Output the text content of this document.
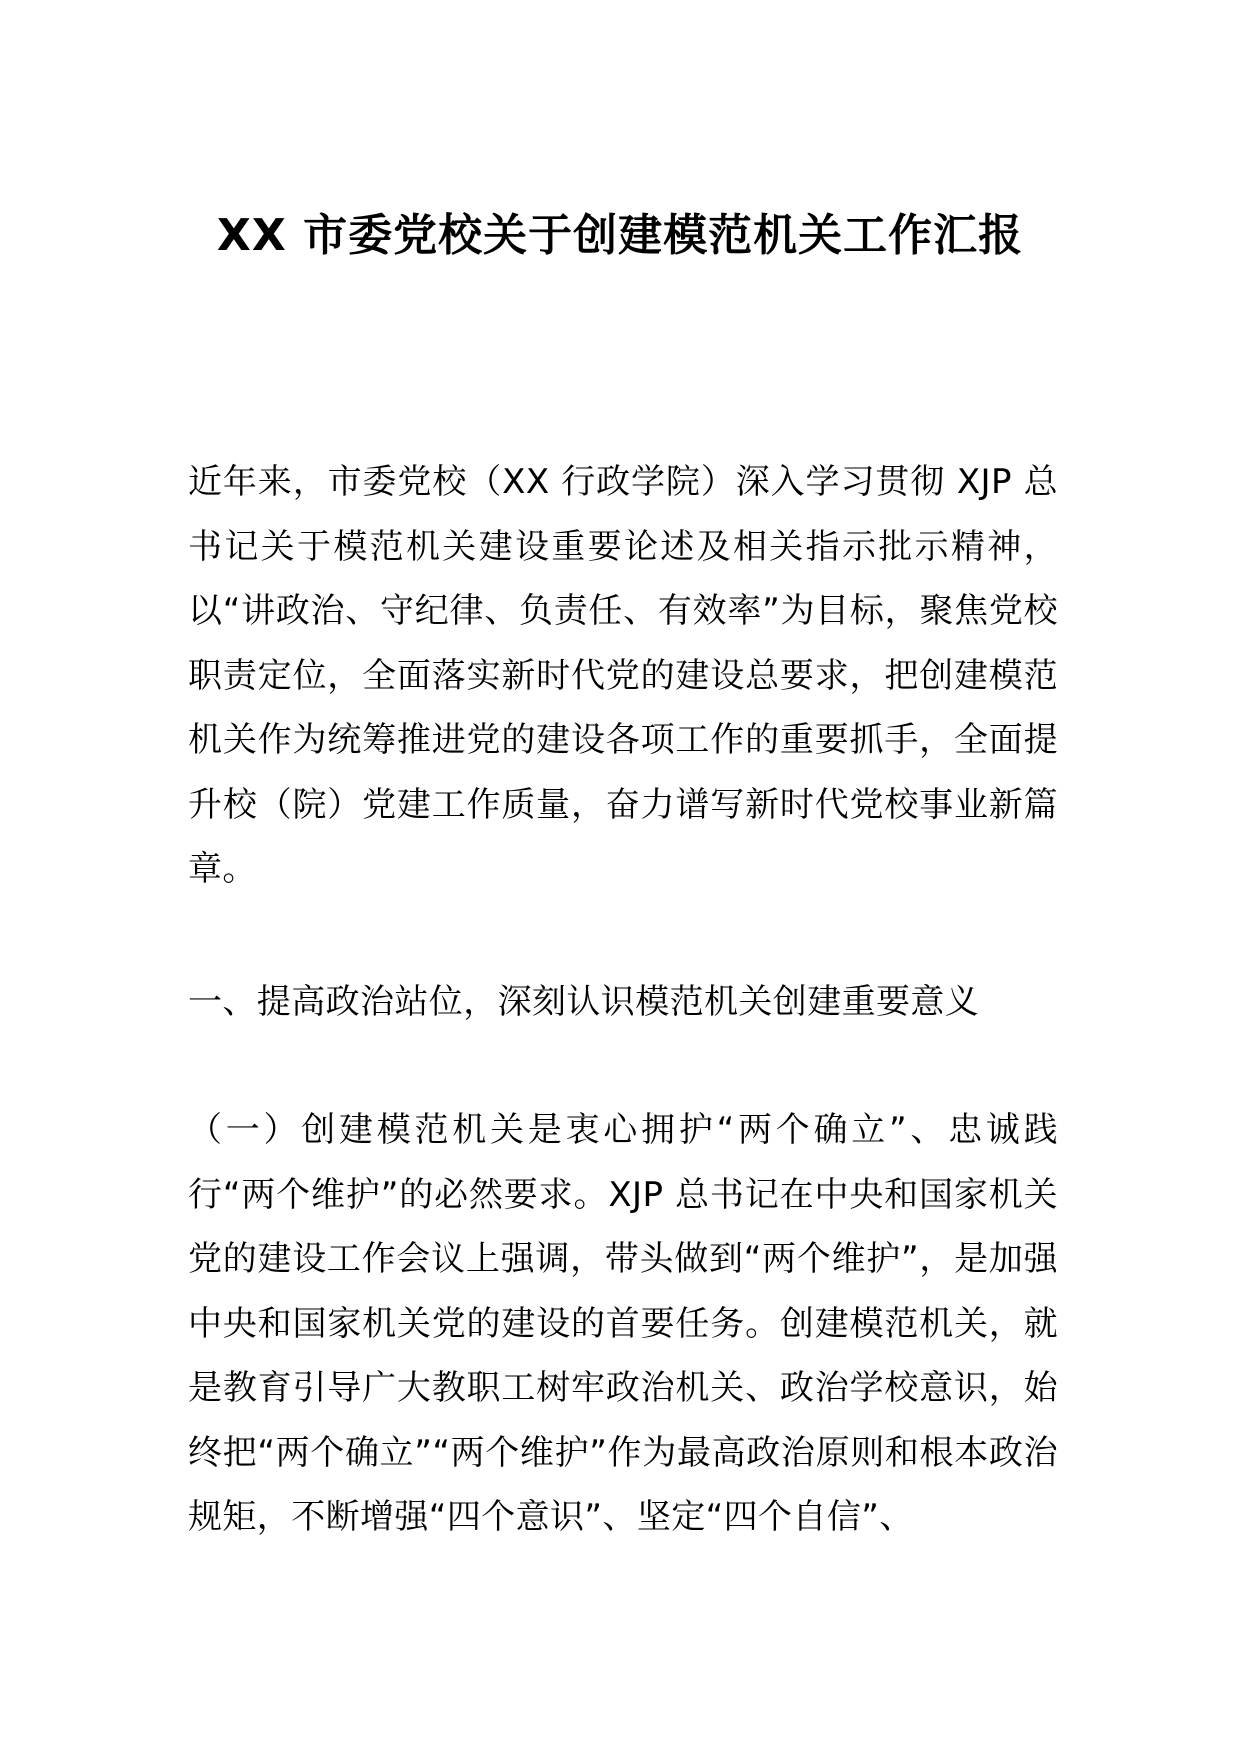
XX 市委党校关于创建模范机关工作汇报

近年来，市委党校（XX 行政学院）深入学习贯彻 XJP 总书记关于模范机关建设重要论述及相关指示批示精神，以“讲政治、守纪律、负责任、有效率”为目标，聚焦党校职责定位，全面落实新时代党的建设总要求，把创建模范机关作为统筹推进党的建设各项工作的重要抓手，全面提升校（院）党建工作质量，奋力谱写新时代党校事业新篇章。

一、提高政治站位，深刻认识模范机关创建重要意义

（一）创建模范机关是衷心拥护“两个确立”、忠诚践行“两个维护”的必然要求。XJP 总书记在中央和国家机关党的建设工作会议上强调，带头做到“两个维护”，是加强中央和国家机关党的建设的首要任务。创建模范机关，就是教育引导广大教职工树牢政治机关、政治学校意识，始终把“两个确立”“两个维护”作为最高政治原则和根本政治规矩，不断增强“四个意识”、坚定“四个自信”、
